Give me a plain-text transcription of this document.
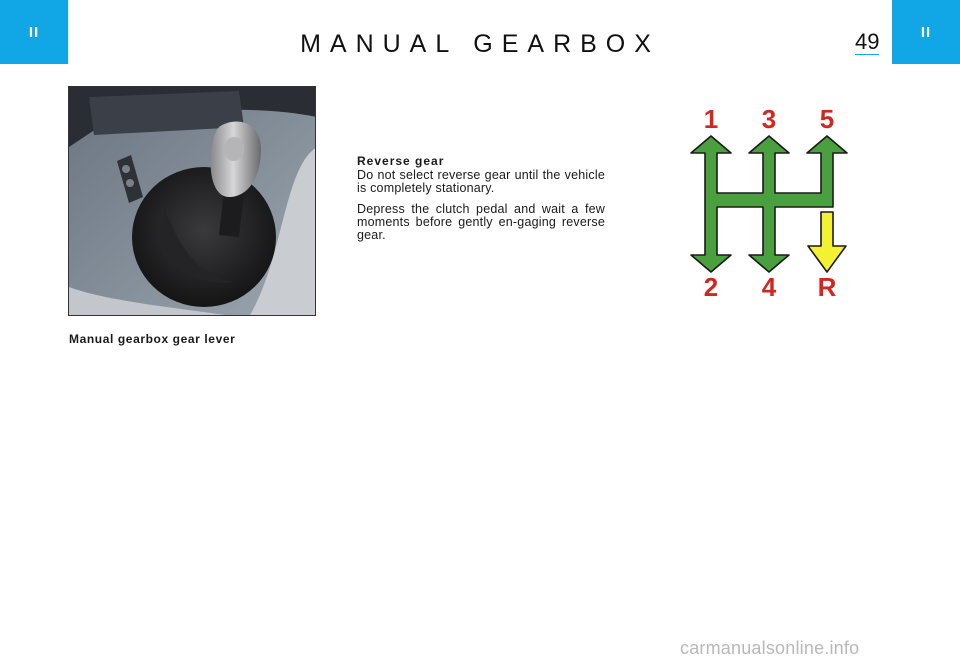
II	II
MANUAL GEARBOX	49
Manual gearbox gear lever
Reverse gear

Do not select reverse gear until the vehicle is completely stationary.

Depress the clutch pedal and wait a few moments before gently en-gaging reverse gear.

1 3 5
2 4 R
carmanualsonline.info
